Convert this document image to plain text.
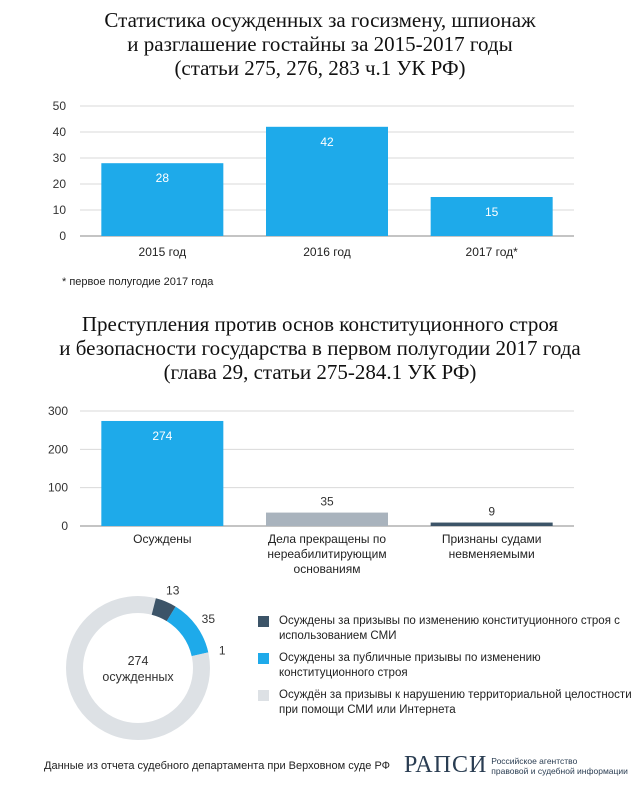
Статистика осужденных за госизмену, шпионаж
и разглашение гостайны за 2015-2017 годы
(статьи 275, 276, 283 ч.1 УК РФ)
0
10
20
30
40
50
28
2015 год
42
2016 год
15
2017 год*
* первое полугодие 2017 года
Преступления против основ конституционного строя
и безопасности государства в первом полугодии 2017 года
(глава 29, статьи 275-284.1 УК РФ)
0
100
200
300
274
Осуждены
35
Дела прекращены по нереабилитирующим основаниям
9
Признаны судами невменяемыми
13
35
1
274
осужденных
Осуждены за призывы по изменению конституционного строя с использованием СМИ
Осуждены за публичные призывы по изменению конституционного строя
Осуждён за призывы к нарушению территориальной целостности при помощи СМИ или Интернета
Данные из отчета судебного департамента при Верховном суде РФ РАПСИ Российское агентство
правовой и судебной информации
